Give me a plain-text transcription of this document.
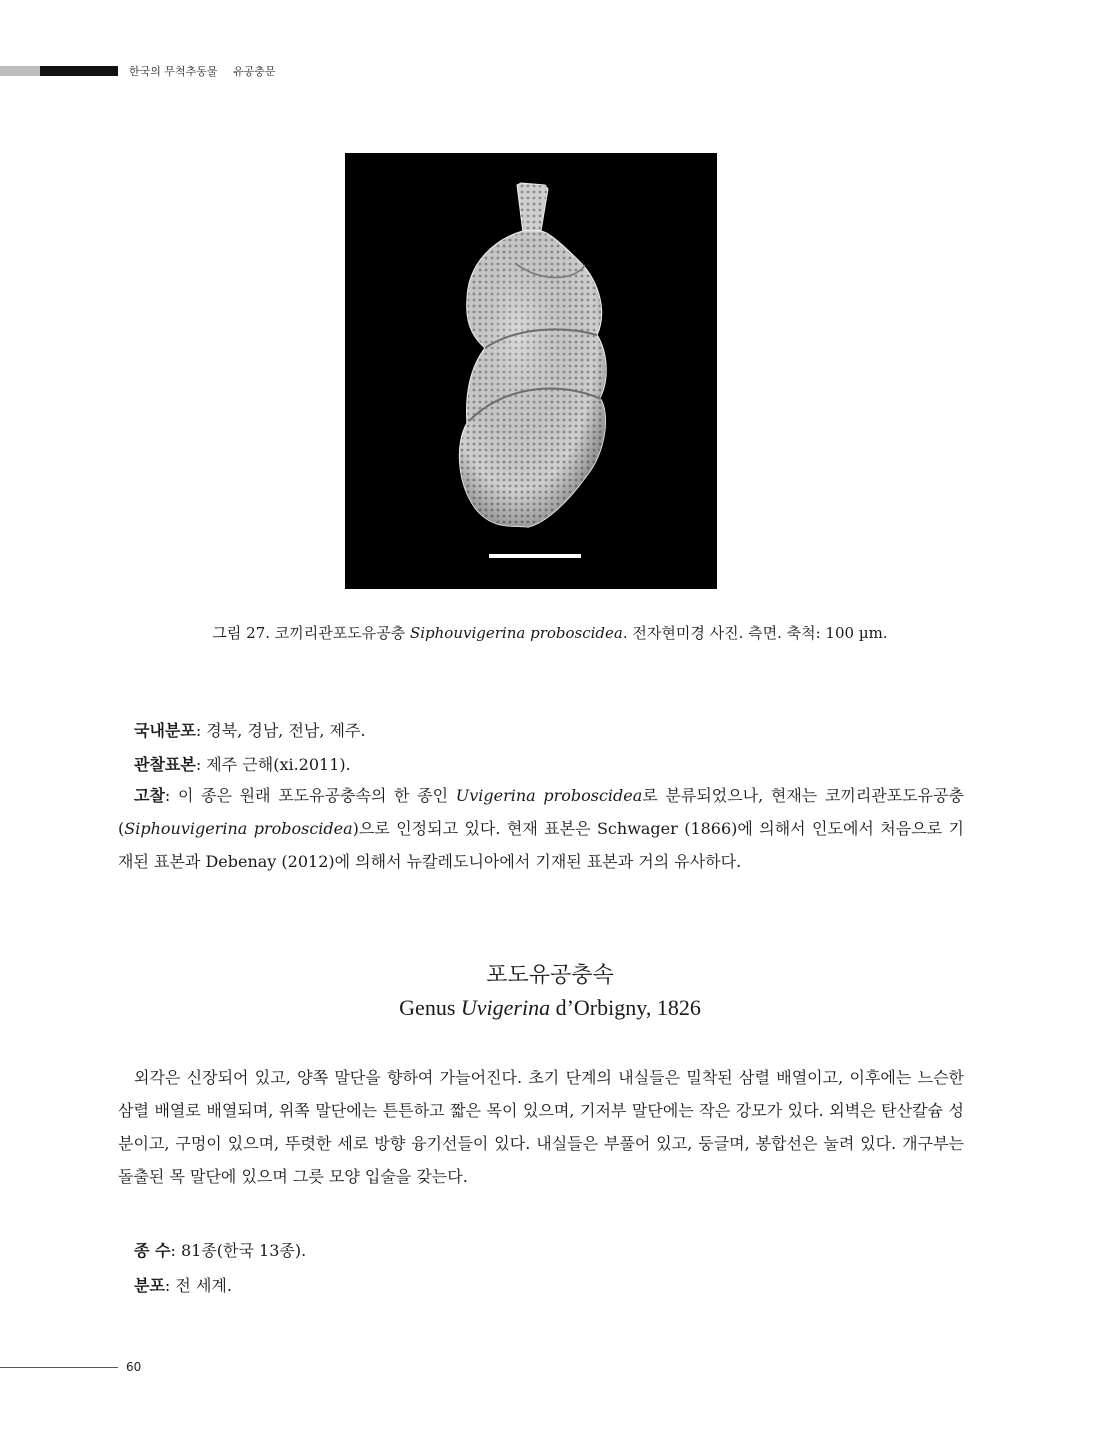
한국의 무척추동물 유공충문
그림 27. 코끼리관포도유공충 Siphouvigerina proboscidea. 전자현미경 사진. 측면. 축척: 100 µm.

국내분포: 경북, 경남, 전남, 제주.

관찰표본: 제주 근해(xi.2011).

고찰: 이 종은 원래 포도유공충속의 한 종인 Uvigerina proboscidea로 분류되었으나, 현재는 코끼리관포도유공충(Siphouvigerina proboscidea)으로 인정되고 있다. 현재 표본은 Schwager (1866)에 의해서 인도에서 처음으로 기재된 표본과 Debenay (2012)에 의해서 뉴칼레도니아에서 기재된 표본과 거의 유사하다.

포도유공충속
Genus Uvigerina d’Orbigny, 1826

외각은 신장되어 있고, 양쪽 말단을 향하여 가늘어진다. 초기 단계의 내실들은 밀착된 삼렬 배열이고, 이후에는 느슨한 삼렬 배열로 배열되며, 위쪽 말단에는 튼튼하고 짧은 목이 있으며, 기저부 말단에는 작은 강모가 있다. 외벽은 탄산칼슘 성분이고, 구멍이 있으며, 뚜렷한 세로 방향 융기선들이 있다. 내실들은 부풀어 있고, 둥글며, 봉합선은 눌려 있다. 개구부는 돌출된 목 말단에 있으며 그릇 모양 입술을 갖는다.

종 수: 81종(한국 13종).

분포: 전 세계.

60
